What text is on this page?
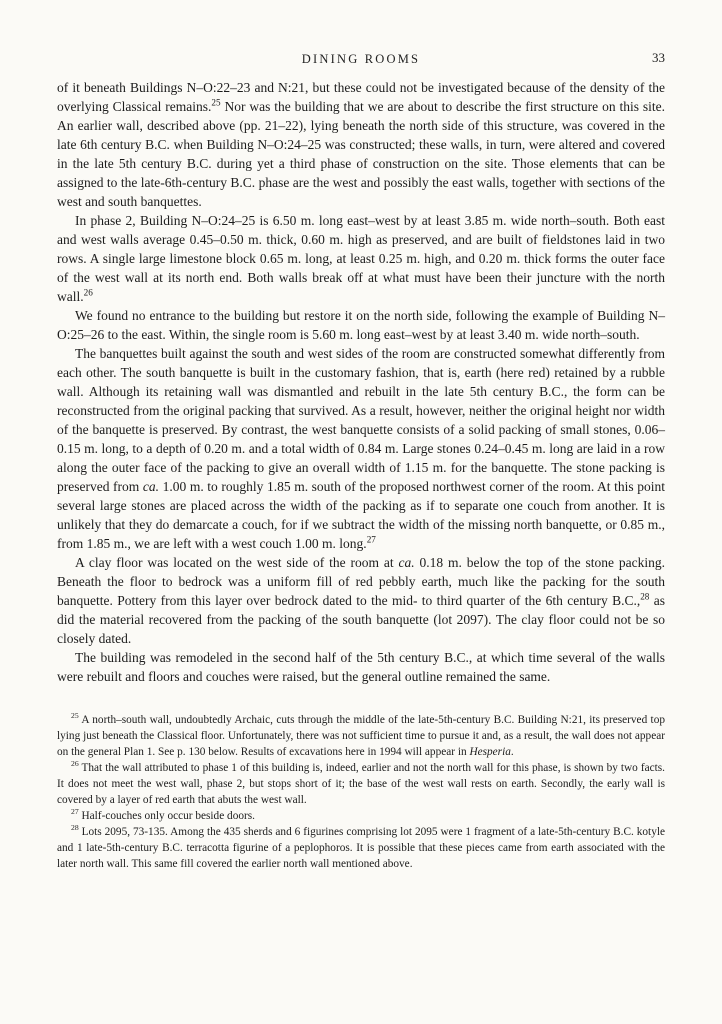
DINING ROOMS	33

of it beneath Buildings N–O:22–23 and N:21, but these could not be investigated because of the density of the overlying Classical remains.$^{25}$ Nor was the building that we are about to describe the first structure on this site. An earlier wall, described above (pp. 21–22), lying beneath the north side of this structure, was covered in the late 6th century B.C. when Building N–O:24–25 was constructed; these walls, in turn, were altered and covered in the late 5th century B.C. during yet a third phase of construction on the site. Those elements that can be assigned to the late-6th-century B.C. phase are the west and possibly the east walls, together with sections of the west and south banquettes.

In phase 2, Building N–O:24–25 is 6.50 m. long east–west by at least 3.85 m. wide north–south. Both east and west walls average 0.45–0.50 m. thick, 0.60 m. high as preserved, and are built of fieldstones laid in two rows. A single large limestone block 0.65 m. long, at least 0.25 m. high, and 0.20 m. thick forms the outer face of the west wall at its north end. Both walls break off at what must have been their juncture with the north wall.$^{26}$

We found no entrance to the building but restore it on the north side, following the example of Building N–O:25–26 to the east. Within, the single room is 5.60 m. long east–west by at least 3.40 m. wide north–south.

The banquettes built against the south and west sides of the room are constructed somewhat differently from each other. The south banquette is built in the customary fashion, that is, earth (here red) retained by a rubble wall. Although its retaining wall was dismantled and rebuilt in the late 5th century B.C., the form can be reconstructed from the original packing that survived. As a result, however, neither the original height nor width of the banquette is preserved. By contrast, the west banquette consists of a solid packing of small stones, 0.06–0.15 m. long, to a depth of 0.20 m. and a total width of 0.84 m. Large stones 0.24–0.45 m. long are laid in a row along the outer face of the packing to give an overall width of 1.15 m. for the banquette. The stone packing is preserved from ca. 1.00 m. to roughly 1.85 m. south of the proposed northwest corner of the room. At this point several large stones are placed across the width of the packing as if to separate one couch from another. It is unlikely that they do demarcate a couch, for if we subtract the width of the missing north banquette, or 0.85 m., from 1.85 m., we are left with a west couch 1.00 m. long.$^{27}$

A clay floor was located on the west side of the room at ca. 0.18 m. below the top of the stone packing. Beneath the floor to bedrock was a uniform fill of red pebbly earth, much like the packing for the south banquette. Pottery from this layer over bedrock dated to the mid- to third quarter of the 6th century B.C.,$^{28}$ as did the material recovered from the packing of the south banquette (lot 2097). The clay floor could not be so closely dated.

The building was remodeled in the second half of the 5th century B.C., at which time several of the walls were rebuilt and floors and couches were raised, but the general outline remained the same.

$^{25}$ A north–south wall, undoubtedly Archaic, cuts through the middle of the late-5th-century B.C. Building N:21, its preserved top lying just beneath the Classical floor. Unfortunately, there was not sufficient time to pursue it and, as a result, the wall does not appear on the general Plan 1. See p. 130 below. Results of excavations here in 1994 will appear in Hesperia.

$^{26}$ That the wall attributed to phase 1 of this building is, indeed, earlier and not the north wall for this phase, is shown by two facts. It does not meet the west wall, phase 2, but stops short of it; the base of the west wall rests on earth. Secondly, the early wall is covered by a layer of red earth that abuts the west wall.

$^{27}$ Half-couches only occur beside doors.

$^{28}$ Lots 2095, 73-135. Among the 435 sherds and 6 figurines comprising lot 2095 were 1 fragment of a late-5th-century B.C. kotyle and 1 late-5th-century B.C. terracotta figurine of a peplophoros. It is possible that these pieces came from earth associated with the later north wall. This same fill covered the earlier north wall mentioned above.
